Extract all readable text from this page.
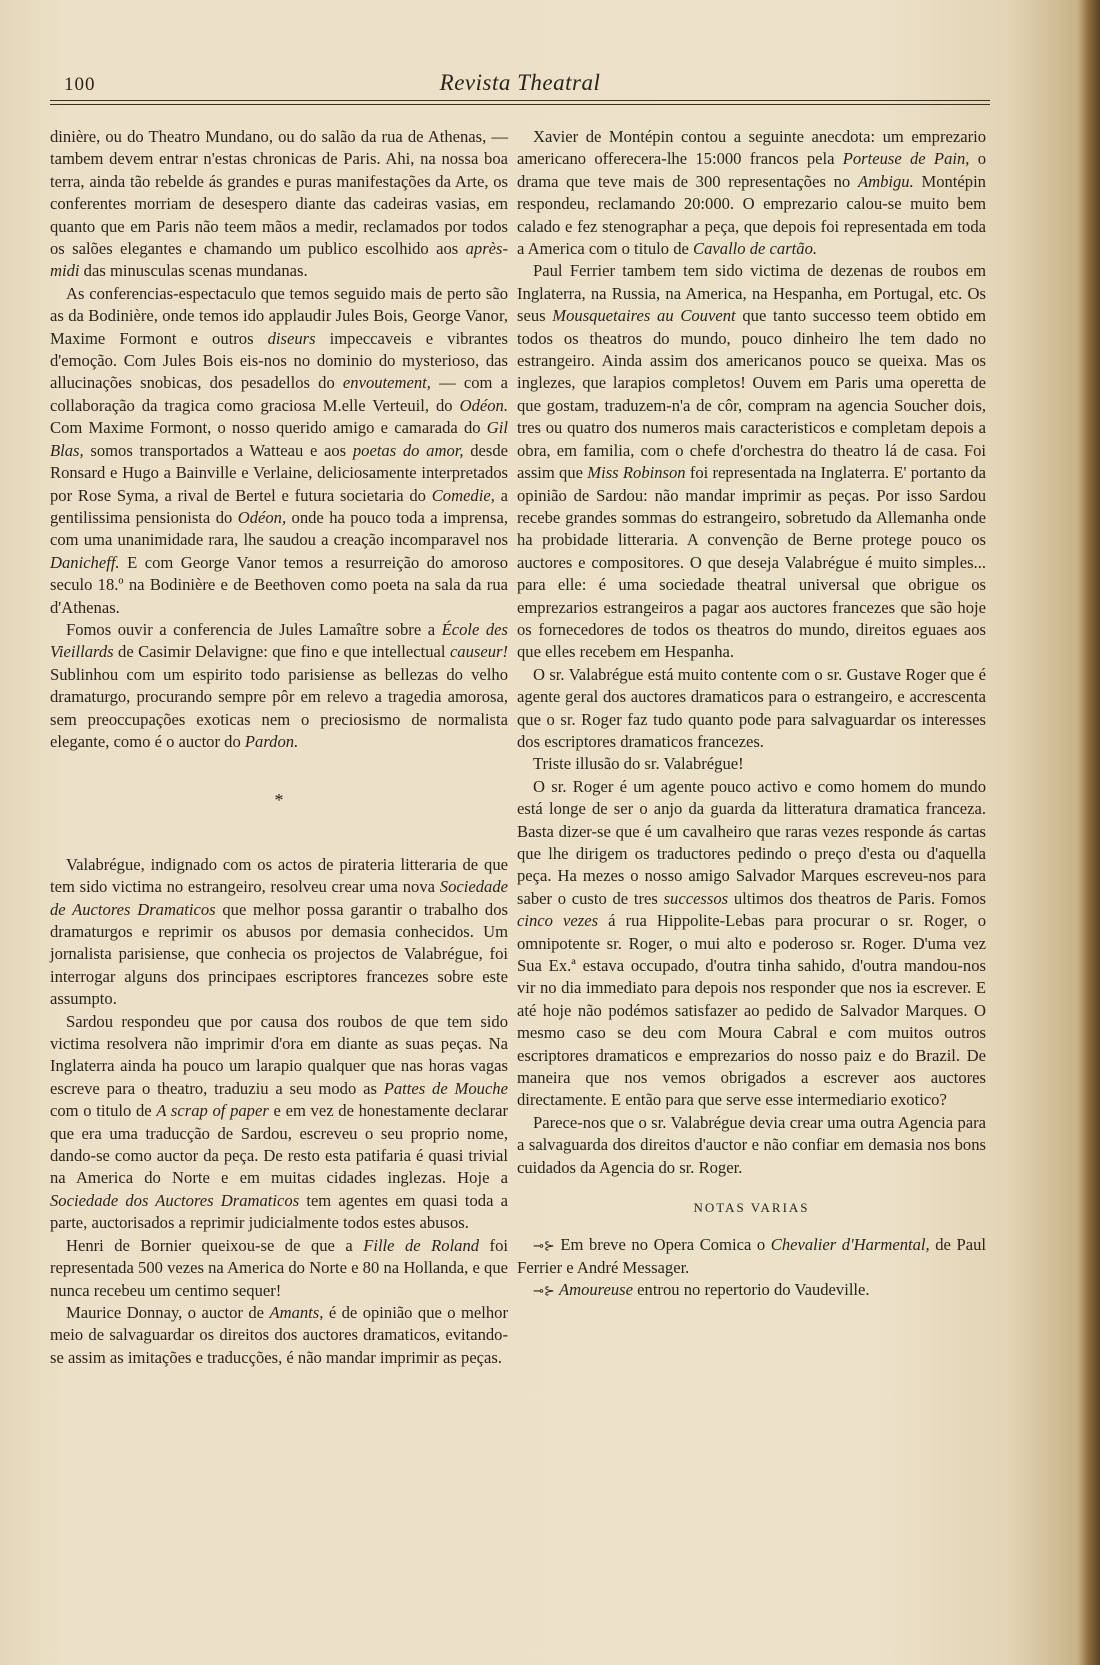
100	Revista Theatral

dinière, ou do Theatro Mundano, ou do salão da rua de Athenas, — tambem devem entrar n'estas chronicas de Paris. Ahi, na nossa boa terra, ainda tão rebelde ás grandes e puras manifestações da Arte, os conferentes morriam de desespero diante das cadeiras vasias, em quanto que em Paris não teem mãos a medir, reclamados por todos os salões elegantes e chamando um publico escolhido aos après-midi das minusculas scenas mundanas.

As conferencias-espectaculo que temos seguido mais de perto são as da Bodinière, onde temos ido applaudir Jules Bois, George Vanor, Maxime Formont e outros diseurs impeccaveis e vibrantes d'emoção. Com Jules Bois eis-nos no dominio do mysterioso, das allucinações snobicas, dos pesadellos do envoutement, — com a collaboração da tragica como graciosa M.elle Verteuil, do Odéon. Com Maxime Formont, o nosso querido amigo e camarada do Gil Blas, somos transportados a Watteau e aos poetas do amor, desde Ronsard e Hugo a Bainville e Verlaine, deliciosamente interpretados por Rose Syma, a rival de Bertel e futura societaria do Comedie, a gentilissima pensionista do Odéon, onde ha pouco toda a imprensa, com uma unanimidade rara, lhe saudou a creação incomparavel nos Danicheff. E com George Vanor temos a resurreição do amoroso seculo 18.º na Bodinière e de Beethoven como poeta na sala da rua d'Athenas.

Fomos ouvir a conferencia de Jules Lamaître sobre a École des Vieillards de Casimir Delavigne: que fino e que intellectual causeur! Sublinhou com um espirito todo parisiense as bellezas do velho dramaturgo, procurando sempre pôr em relevo a tragedia amorosa, sem preoccupações exoticas nem o preciosismo de normalista elegante, como é o auctor do Pardon.

*

Valabrégue, indignado com os actos de pirateria litteraria de que tem sido victima no estrangeiro, resolveu crear uma nova Sociedade de Auctores Dramaticos que melhor possa garantir o trabalho dos dramaturgos e reprimir os abusos por demasia conhecidos. Um jornalista parisiense, que conhecia os projectos de Valabrégue, foi interrogar alguns dos principaes escriptores francezes sobre este assumpto.

Sardou respondeu que por causa dos roubos de que tem sido victima resolvera não imprimir d'ora em diante as suas peças. Na Inglaterra ainda ha pouco um larapio qualquer que nas horas vagas escreve para o theatro, traduziu a seu modo as Pattes de Mouche com o titulo de A scrap of paper e em vez de honestamente declarar que era uma traducção de Sardou, escreveu o seu proprio nome, dando-se como auctor da peça. De resto esta patifaria é quasi trivial na America do Norte e em muitas cidades inglezas. Hoje a Sociedade dos Auctores Dramaticos tem agentes em quasi toda a parte, auctorisados a reprimir judicialmente todos estes abusos.

Henri de Bornier queixou-se de que a Fille de Roland foi representada 500 vezes na America do Norte e 80 na Hollanda, e que nunca recebeu um centimo sequer!

Maurice Donnay, o auctor de Amants, é de opinião que o melhor meio de salvaguardar os direitos dos auctores dramaticos, evitando-se assim as imitações e traducções, é não mandar imprimir as peças.

Xavier de Montépin contou a seguinte anecdota: um emprezario americano offerecera-lhe 15:000 francos pela Porteuse de Pain, o drama que teve mais de 300 representações no Ambigu. Montépin respondeu, reclamando 20:000. O emprezario calou-se muito bem calado e fez stenographar a peça, que depois foi representada em toda a America com o titulo de Cavallo de cartão.

Paul Ferrier tambem tem sido victima de dezenas de roubos em Inglaterra, na Russia, na America, na Hespanha, em Portugal, etc. Os seus Mousquetaires au Couvent que tanto successo teem obtido em todos os theatros do mundo, pouco dinheiro lhe tem dado no estrangeiro. Ainda assim dos americanos pouco se queixa. Mas os inglezes, que larapios completos! Ouvem em Paris uma operetta de que gostam, traduzem-n'a de côr, compram na agencia Soucher dois, tres ou quatro dos numeros mais caracteristicos e completam depois a obra, em familia, com o chefe d'orchestra do theatro lá de casa. Foi assim que Miss Robinson foi representada na Inglaterra. E' portanto da opinião de Sardou: não mandar imprimir as peças. Por isso Sardou recebe grandes sommas do estrangeiro, sobretudo da Allemanha onde ha probidade litteraria. A convenção de Berne protege pouco os auctores e compositores. O que deseja Valabrégue é muito simples... para elle: é uma sociedade theatral universal que obrigue os emprezarios estrangeiros a pagar aos auctores francezes que são hoje os fornecedores de todos os theatros do mundo, direitos eguaes aos que elles recebem em Hespanha.

O sr. Valabrégue está muito contente com o sr. Gustave Roger que é agente geral dos auctores dramaticos para o estrangeiro, e accrescenta que o sr. Roger faz tudo quanto pode para salvaguardar os interesses dos escriptores dramaticos francezes.

Triste illusão do sr. Valabrégue!

O sr. Roger é um agente pouco activo e como homem do mundo está longe de ser o anjo da guarda da litteratura dramatica franceza. Basta dizer-se que é um cavalheiro que raras vezes responde ás cartas que lhe dirigem os traductores pedindo o preço d'esta ou d'aquella peça. Ha mezes o nosso amigo Salvador Marques escreveu-nos para saber o custo de tres successos ultimos dos theatros de Paris. Fomos cinco vezes á rua Hippolite-Lebas para procurar o sr. Roger, o omnipotente sr. Roger, o mui alto e poderoso sr. Roger. D'uma vez Sua Ex.ª estava occupado, d'outra tinha sahido, d'outra mandou-nos vir no dia immediato para depois nos responder que nos ia escrever. E até hoje não podémos satisfazer ao pedido de Salvador Marques. O mesmo caso se deu com Moura Cabral e com muitos outros escriptores dramaticos e emprezarios do nosso paiz e do Brazil. De maneira que nos vemos obrigados a escrever aos auctores directamente. E então para que serve esse intermediario exotico?

Parece-nos que o sr. Valabrégue devia crear uma outra Agencia para a salvaguarda dos direitos d'auctor e não confiar em demasia nos bons cuidados da Agencia do sr. Roger.

NOTAS VARIAS

⊸⊱ Em breve no Opera Comica o Chevalier d'Harmental, de Paul Ferrier e André Messager.

⊸⊱ Amoureuse entrou no repertorio do Vaudeville.
